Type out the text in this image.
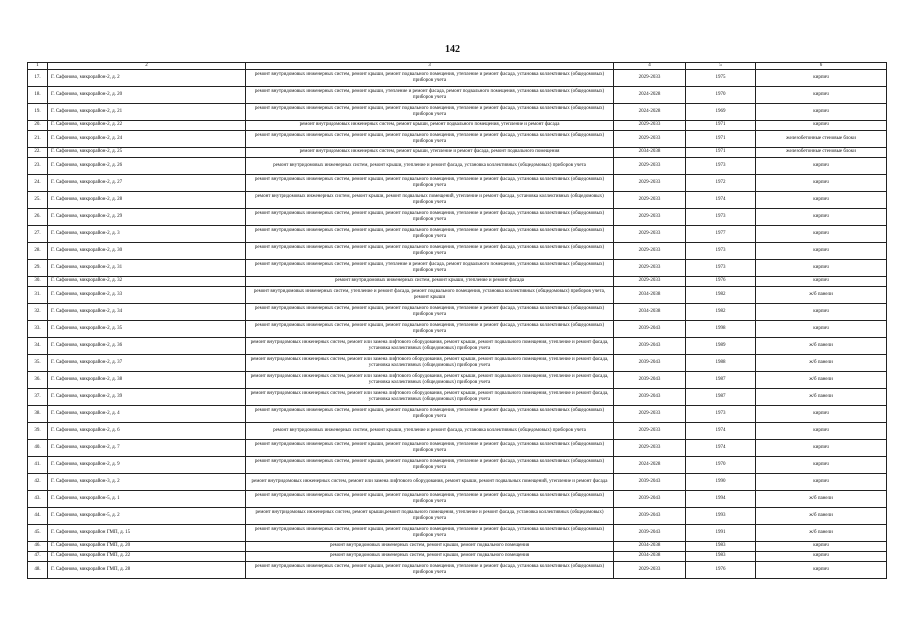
142
1	2	3	4	5	6
17.	Г. Сафоново, микрорайон-2, д. 2	ремонт внутридомовых инженерных систем, ремонт крыши, ремонт подвального помещения, утепление и ремонт фасада, установка коллективных (общедомовых) приборов учета	2029-2033	1975	кирпич
18.	Г. Сафоново, микрорайон-2, д. 20	ремонт внутридомовых инженерных систем, ремонт крыши, утепление и ремонт фасада, ремонт подвального помещения, установка коллективных (общедомовых) приборов учета	2024-2028	1970	кирпич
19.	Г. Сафоново, микрорайон-2, д. 21	ремонт внутридомовых инженерных систем, ремонт крыши, ремонт подвального помещения, утепление и ремонт фасада, установка коллективных (общедомовых) приборов учета	2024-2028	1969	кирпич
20.	Г. Сафоново, микрорайон-2, д. 22	ремонт внутридомовых инженерных систем, ремонт крыши, ремонт подвального помещения, утепление и ремонт фасада	2029-2033	1971	кирпич
21.	Г. Сафоново, микрорайон-2, д. 24	ремонт внутридомовых инженерных систем, ремонт крыши, ремонт подвального помещения, утепление и ремонт фасада, установка коллективных (общедомовых) приборов учета	2029-2033	1971	железобетонные стеновые блоки
22.	Г. Сафоново, микрорайон-2, д. 25	ремонт внутридомовых инженерных систем, ремонт крыши, утепление и ремонт фасада, ремонт подвального помещения	2034-2038	1971	железобетонные стеновые блоки
23.	Г. Сафоново, микрорайон-2, д. 26	ремонт внутридомовых инженерных систем, ремонт крыши, утепление и ремонт фасада, установка коллективных (общедомовых) приборов учета	2029-2033	1973	кирпич
24.	Г. Сафоново, микрорайон-2, д. 27	ремонт внутридомовых инженерных систем, ремонт крыши, ремонт подвального помещения, утепление и ремонт фасада, установка коллективных (общедомовых) приборов учета	2029-2033	1972	кирпич
25.	Г. Сафоново, микрорайон-2, д. 28	ремонт внутридомовых инженерных систем, ремонт крыши, ремонт подвальных помещений, утепление и ремонт фасада, установка коллективных (общедомовых) приборов учета	2029-2033	1974	кирпич
26.	Г. Сафоново, микрорайон-2, д. 29	ремонт внутридомовых инженерных систем, ремонт крыши, ремонт подвального помещения, утепление и ремонт фасада, установка коллективных (общедомовых) приборов учета	2029-2033	1973	кирпич
27.	Г. Сафоново, микрорайон-2, д. 3	ремонт внутридомовых инженерных систем, ремонт крыши, ремонт подвального помещения, утепление и ремонт фасада, установка коллективных (общедомовых) приборов учета	2029-2033	1977	кирпич
28.	Г. Сафоново, микрорайон-2, д. 30	ремонт внутридомовых инженерных систем, ремонт крыши, ремонт подвального помещения, утепление и ремонт фасада, установка коллективных (общедомовых) приборов учета	2029-2033	1973	кирпич
29.	Г. Сафоново, микрорайон-2, д. 31	ремонт внутридомовых инженерных систем, ремонт крыши, утепление и ремонт фасада, ремонт подвального помещения, установка коллективных (общедомовых) приборов учета	2029-2033	1973	кирпич
30.	Г. Сафоново, микрорайон-2, д. 32	ремонт внутридомовых инженерных систем, ремонт крыши, утепление и ремонт фасада	2029-2033	1976	кирпич
31.	Г. Сафоново, микрорайон-2, д. 33	ремонт внутридомовых инженерных систем, утепление и ремонт фасада, ремонт подвального помещения, установка коллективных (общедомовых) приборов учета, ремонт крыши	2034-2038	1982	ж/б панели
32.	Г. Сафоново, микрорайон-2, д. 34	ремонт внутридомовых инженерных систем, ремонт крыши, ремонт подвального помещения, утепление и ремонт фасада, установка коллективных (общедомовых) приборов учета	2034-2038	1982	кирпич
33.	Г. Сафоново, микрорайон-2, д. 35	ремонт внутридомовых инженерных систем, ремонт крыши, ремонт подвального помещения, утепление и ремонт фасада, установка коллективных (общедомовых) приборов учета	2039-2043	1998	кирпич
34.	Г. Сафоново, микрорайон-2, д. 36	ремонт внутридомовых инженерных систем, ремонт или замена лифтового оборудования, ремонт крыши, ремонт подвального помещения, утепление и ремонт фасада, установка коллективных (общедомовых) приборов учета	2039-2043	1989	ж/б панели
35.	Г. Сафоново, микрорайон-2, д. 37	ремонт внутридомовых инженерных систем, ремонт или замена лифтового оборудования, ремонт крыши, ремонт подвального помещения, утепление и ремонт фасада, установка коллективных (общедомовых) приборов учета	2039-2043	1988	ж/б панели
36.	Г. Сафоново, микрорайон-2, д. 38	ремонт внутридомовых инженерных систем, ремонт или замена лифтового оборудования, ремонт крыши, ремонт подвального помещения, утепление и ремонт фасада, установка коллективных (общедомовых) приборов учета	2039-2043	1987	ж/б панели
37.	Г. Сафоново, микрорайон-2, д. 39	ремонт внутридомовых инженерных систем, ремонт или замена лифтового оборудования, ремонт крыши, ремонт подвального помещения, утепление и ремонт фасада, установка коллективных (общедомовых) приборов учета	2039-2043	1987	ж/б панели
38.	Г. Сафоново, микрорайон-2, д. 4	ремонт внутридомовых инженерных систем, ремонт крыши, ремонт подвального помещения, утепление и ремонт фасада, установка коллективных (общедомовых) приборов учета	2029-2033	1973	кирпич
39.	Г. Сафоново, микрорайон-2, д. 6	ремонт внутридомовых инженерных систем, ремонт крыши, утепление и ремонт фасада, установка коллективных (общедомовых) приборов учета	2029-2033	1974	кирпич
40.	Г. Сафоново, микрорайон-2, д. 7	ремонт внутридомовых инженерных систем, ремонт крыши, ремонт подвального помещения, утепление и ремонт фасада, установка коллективных (общедомовых) приборов учета	2029-2033	1974	кирпич
41.	Г. Сафоново, микрорайон-2, д. 9	ремонт внутридомовых инженерных систем, ремонт крыши, ремонт подвального помещения, утепление и ремонт фасада, установка коллективных (общедомовых) приборов учета	2024-2028	1970	кирпич
42.	Г. Сафоново, микрорайон-3, д. 2	ремонт внутридомовых инженерных систем, ремонт или замена лифтового оборудования, ремонт крыши, ремонт подвальных помещений, утепление и ремонт фасада	2039-2043	1990	кирпич
43.	Г. Сафоново, микрорайон-5, д. 1	ремонт внутридомовых инженерных систем, ремонт крыши, ремонт подвального помещения, утепление и ремонт фасада, установка коллективных (общедомовых) приборов учета	2039-2043	1994	ж/б панели
44.	Г. Сафоново, микрорайон-5, д. 2	ремонт внутридомовых инженерных систем, ремонт крыши,ремонт подвального помещения, утепление и ремонт фасада, установка коллективных (общедомовых) приборов учета	2039-2043	1993	ж/б панели
45.	Г. Сафоново, микрорайон ГМП, д. 15	ремонт внутридомовых инженерных систем, ремонт крыши, ремонт подвального помещения, утепление и ремонт фасада, установка коллективных (общедомовых) приборов учета	2039-2043	1991	ж/б панели
46.	Г. Сафоново, микрорайон ГМП, д. 20	ремонт внутридомовых инженерных систем, ремонт крыши, ремонт подвального помещения	2034-2038	1983	кирпич
47.	Г. Сафоново, микрорайон ГМП, д. 22	ремонт внутридомовых инженерных систем, ремонт крыши, ремонт подвального помещения	2034-2038	1983	кирпич
48.	Г. Сафоново, микрорайон ГМП, д. 28	ремонт внутридомовых инженерных систем, ремонт крыши, ремонт подвального помещения, утепление и ремонт фасада, установка коллективных (общедомовых) приборов учета	2029-2033	1976	кирпич
